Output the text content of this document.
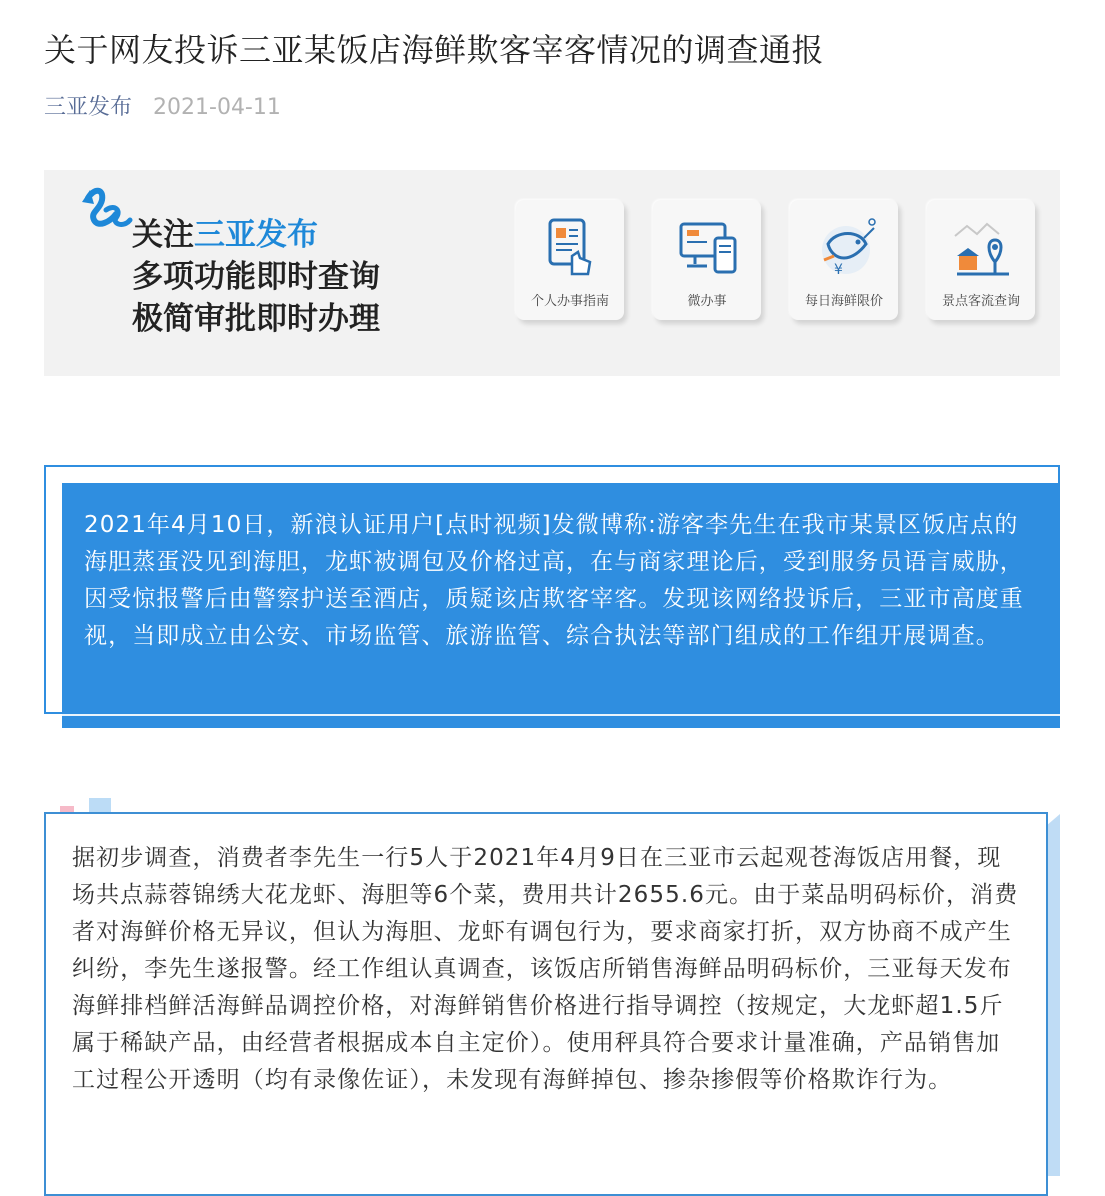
关于网友投诉三亚某饭店海鲜欺客宰客情况的调查通报
三亚发布 2021-04-11
关注三亚发布
多项功能即时查询
极简审批即时办理	个人办事指南	微办事
¥
每日海鲜限价	景点客流查询
2021年4月10日，新浪认证用户[点时视频]发微博称:游客李先生在我市某景区饭店点的海胆蒸蛋没见到海胆，龙虾被调包及价格过高，在与商家理论后，受到服务员语言威胁，因受惊报警后由警察护送至酒店，质疑该店欺客宰客。发现该网络投诉后，三亚市高度重视，当即成立由公安、市场监管、旅游监管、综合执法等部门组成的工作组开展调查。
据初步调查，消费者李先生一行5人于2021年4月9日在三亚市云起观苍海饭店用餐，现场共点蒜蓉锦绣大花龙虾、海胆等6个菜，费用共计2655.6元。由于菜品明码标价，消费者对海鲜价格无异议，但认为海胆、龙虾有调包行为，要求商家打折，双方协商不成产生纠纷，李先生遂报警。经工作组认真调查，该饭店所销售海鲜品明码标价，三亚每天发布海鲜排档鲜活海鲜品调控价格，对海鲜销售价格进行指导调控（按规定，大龙虾超1.5斤属于稀缺产品，由经营者根据成本自主定价）。使用秤具符合要求计量准确，产品销售加工过程公开透明（均有录像佐证），未发现有海鲜掉包、掺杂掺假等价格欺诈行为。
